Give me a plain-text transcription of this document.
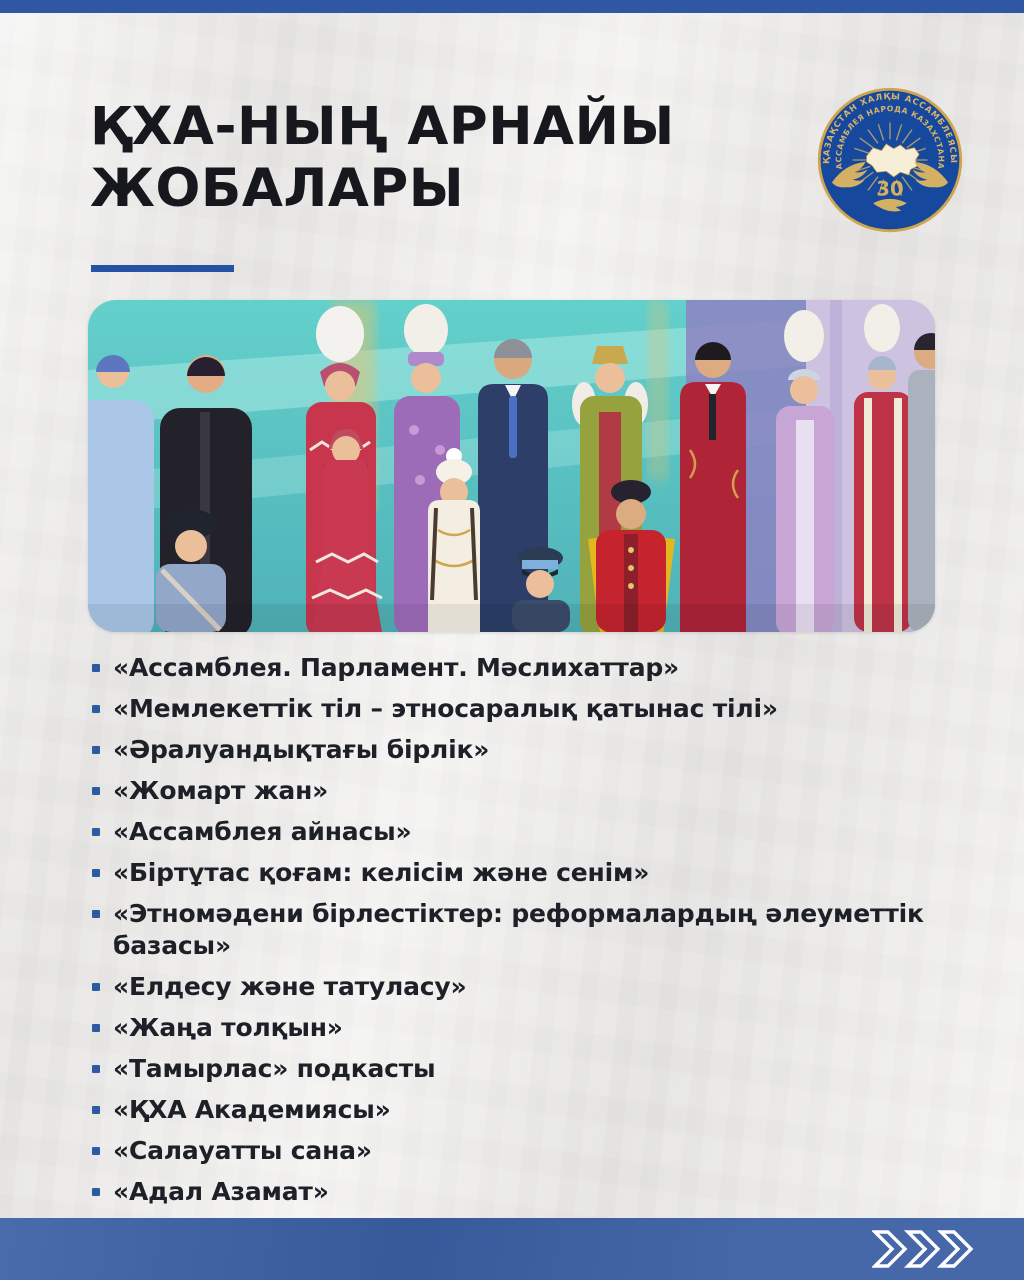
ҚХА-НЫҢ АРНАЙЫ
ЖОБАЛАРЫ	30
ҚАЗАҚСТАН ХАЛҚЫ АССАМБЛЕЯСЫ
АССАМБЛЕЯ НАРОДА КАЗАХСТАНА
«Ассамблея. Парламент. Мәслихаттар»
«Мемлекеттік тіл – этносаралық қатынас тілі»
«Әралуандықтағы бірлік»
«Жомарт жан»
«Ассамблея айнасы»
«Біртұтас қоғам: келісім және сенім»
«Этномәдени бірлестіктер: реформалардың әлеуметтік базасы»
«Елдесу және татуласу»
«Жаңа толқын»
«Тамырлас» подкасты
«ҚХА Академиясы»
«Салауатты сана»
«Адал Азамат»
